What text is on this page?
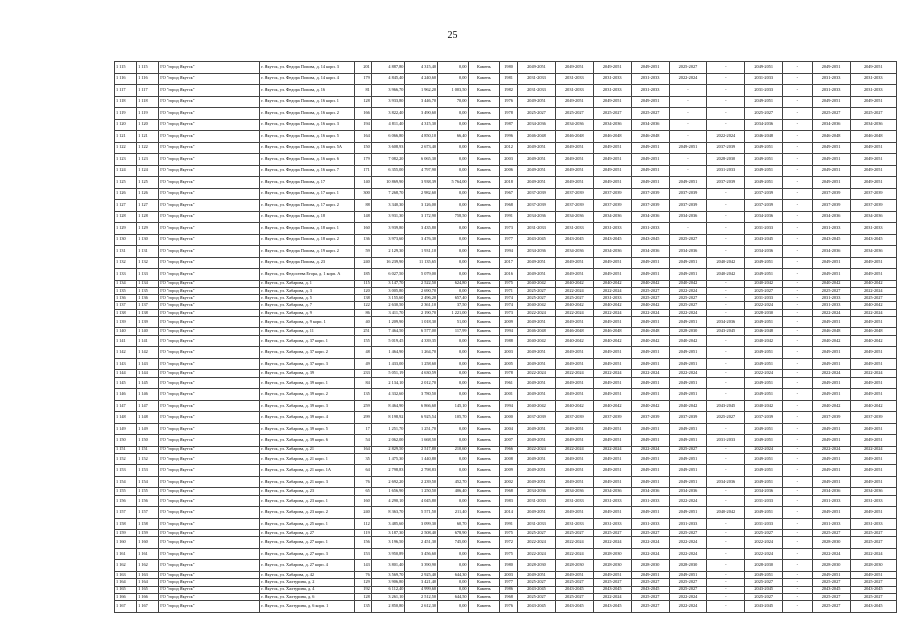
25
1 115	1 115	ГО "город Якутск"	г. Якутск, ул. Федора Попова, д. 14 корп. 3	201	4 887,80	4 315,40	0,00	Камень	1980	2049-2051	2049-2051	2049-2051	2049-2051	2025-2027	-	2049-2051	-	2049-2051	2049-2051
1 116	1 116	ГО "город Якутск"	г. Якутск, ул. Федора Попова, д. 14 корп. 4	179	4 845,40	4 240,60	0,00	Камень	1981	2031-2033	2031-2033	2031-2033	2031-2033	2022-2024	-	2031-2033	-	2031-2033	2031-2033
1 117	1 117	ГО "город Якутск"	г. Якутск, ул. Федора Попова, д. 16	81	3 966,70	1 962,20	1 003,50	Камень	1982	2031-2033	2031-2033	2031-2033	2031-2033	-	-	2031-2033	-	2031-2033	2031-2033
1 118	1 118	ГО "город Якутск"	г. Якутск, ул. Федора Попова, д. 16 корп. 1	128	3 933,80	3 446,70	70,00	Камень	1976	2049-2051	2049-2051	2049-2051	2049-2051	-	-	2049-2051	-	2049-2051	2049-2051
1 119	1 119	ГО "город Якутск"	г. Якутск, ул. Федора Попова, д. 16 корп. 2	166	3 822,40	3 490,60	0,00	Камень	1978	2025-2027	2025-2027	2025-2027	2025-2027	-	-	2025-2027	-	2025-2027	2025-2027
1 120	1 120	ГО "город Якутск"	г. Якутск, ул. Федора Попова, д. 16 корп. 3	194	4 811,40	4 315,30	0,00	Камень	1987	2034-2036	2034-2036	2034-2036	2034-2036	-	-	2034-2036	-	2034-2036	2034-2036
1 121	1 121	ГО "город Якутск"	г. Якутск, ул. Федора Попова, д. 16 корп. 5	164	6 066,80	4 850,10	66,40	Камень	1996	2046-2048	2046-2048	2046-2048	2046-2048	-	2022-2024	2046-2048	-	2046-2048	2046-2048
1 122	1 122	ГО "город Якутск"	г. Якутск, ул. Федора Попова, д. 16 корп. 5А	150	3 608,93	2 673,40	0,00	Камень	2012	2049-2051	2049-2051	2049-2051	2049-2051	2049-2051	2037-2039	2049-2051	-	2049-2051	2049-2051
1 123	1 123	ГО "город Якутск"	г. Якутск, ул. Федора Попова, д. 16 корп. 6	179	7 082,20	6 065,30	0,00	Камень	2003	2049-2051	2049-2051	2049-2051	2049-2051	-	2028-2030	2049-2051	-	2049-2051	2049-2051
1 124	1 124	ГО "город Якутск"	г. Якутск, ул. Федора Попова, д. 16 корп. 7	171	6 355,00	4 797,90	0,00	Камень	2006	2049-2051	2049-2051	2049-2051	2049-2051	-	2031-2033	2049-2051	-	2049-2051	2049-2051
1 125	1 125	ГО "город Якутск"	г. Якутск, ул. Федора Попова, д. 17	140	10 869,90	3 938,39	5 764,00	Камень	2018	2049-2051	2049-2051	2049-2051	2049-2051	2049-2051	2037-2039	2049-2051	-	2049-2051	2049-2051
1 126	1 126	ГО "город Якутск"	г. Якутск, ул. Федора Попова, д. 17 корп. 1	300	7 268,70	2 982,60	0,00	Камень	1967	2037-2039	2037-2039	2037-2039	2037-2039	2037-2039	-	2037-2039	-	2037-2039	2037-2039
1 127	1 127	ГО "город Якутск"	г. Якутск, ул. Федора Попова, д. 17 корп. 2	88	3 340,30	3 126,00	0,00	Камень	1968	2037-2039	2037-2039	2037-2039	2037-2039	2037-2039	-	2037-2039	-	2037-2039	2037-2039
1 128	1 128	ГО "город Якутск"	г. Якутск, ул. Федора Попова, д. 18	148	3 931,30	3 172,90	758,50	Камень	1991	2034-2036	2034-2036	2034-2036	2034-2036	2034-2036	-	2034-2036	-	2034-2036	2034-2036
1 129	1 129	ГО "город Якутск"	г. Якутск, ул. Федора Попова, д. 18 корп. 1	160	3 939,80	3 435,80	0,00	Камень	1973	2031-2033	2031-2033	2031-2033	2031-2033	-	-	2031-2033	-	2031-2033	2031-2033
1 130	1 130	ГО "город Якутск"	г. Якутск, ул. Федора Попова, д. 18 корп. 2	136	3 973,60	3 476,30	0,00	Камень	1977	2043-2045	2043-2045	2043-2045	2043-2045	2025-2027	-	2043-2045	-	2043-2045	2043-2045
1 131	1 131	ГО "город Якутск"	г. Якутск, ул. Федора Попова, д. 19 корп. 2	59	2 129,30	1 931,10	0,00	Камень	1994	2034-2036	2034-2036	2034-2036	2034-2036	2034-2036	-	2034-2036	-	2034-2036	2034-2036
1 132	1 132	ГО "город Якутск"	г. Якутск, ул. Федора Попова, д. 23	240	16 239,90	11 135,65	0,00	Камень	2017	2049-2051	2049-2051	2049-2051	2049-2051	2049-2051	2040-2042	2049-2051	-	2049-2051	2049-2051
1 133	1 133	ГО "город Якутск"	г. Якутск, ул. Федосеева Егора, д. 1 корп. А	185	6 027,50	5 079,00	0,00	Камень	2016	2049-2051	2049-2051	2049-2051	2049-2051	2049-2051	2040-2042	2049-2051	-	2049-2051	2049-2051
1 134	1 134	ГО "город Якутск"	г. Якутск, ул. Хабарова, д. 1	115	3 147,70	2 522,50	624,80	Камень	1975	2040-2042	2040-2042	2040-2042	2040-2042	2040-2042	-	2040-2042	-	2040-2042	2040-2042
1 135	1 135	ГО "город Якутск"	г. Якутск, ул. Хабарова, д. 3	120	3 005,80	2 690,70	0,00	Камень	1971	2025-2027	2022-2024	2022-2024	2025-2027	2022-2024	-	2025-2027	-	2025-2027	2022-2024
1 136	1 136	ГО "город Якутск"	г. Якутск, ул. Хабарова, д. 5	138	3 155,60	2 496,20	657,40	Камень	1974	2025-2027	2025-2027	2031-2033	2025-2027	2025-2027	-	2031-2033	-	2031-2033	2025-2027
1 137	1 137	ГО "город Якутск"	г. Якутск, ул. Хабарова, д. 7	122	2 630,50	2 361,10	37,50	Камень	1974	2040-2042	2040-2042	2040-2042	2040-2042	2025-2027	-	2022-2024	-	2031-2033	2040-2042
1 138	1 138	ГО "город Якутск"	г. Якутск, ул. Хабарова, д. 9	86	3 411,70	2 190,70	1 221,00	Камень	1973	2022-2024	2022-2024	2022-2024	2022-2024	2022-2024	-	2028-2030	-	2022-2024	2022-2024
1 139	1 139	ГО "город Якутск"	г. Якутск, ул. Хабарова, д. 9 корп. 1	40	1 209,90	1 018,30	51,00	Камень	2009	2049-2051	2049-2051	2049-2051	2049-2051	2049-2051	2034-2036	2049-2051	-	2049-2051	2049-2051
1 140	1 140	ГО "город Якутск"	г. Якутск, ул. Хабарова, д. 11	251	7 464,50	6 577,00	117,99	Камень	1994	2046-2048	2046-2048	2046-2048	2046-2048	2028-2030	2043-2045	2046-2048	-	2046-2048	2046-2048
1 141	1 141	ГО "город Якутск"	г. Якутск, ул. Хабарова, д. 37 корп. 1	155	5 019,45	4 339,35	0,00	Камень	1988	2040-2042	2040-2042	2040-2042	2040-2042	2040-2042	-	2040-2042	-	2040-2042	2040-2042
1 142	1 142	ГО "город Якутск"	г. Якутск, ул. Хабарова, д. 37 корп. 2	48	1 464,90	1 264,70	0,00	Камень	2003	2049-2051	2049-2051	2049-2051	2049-2051	2049-2051	-	2049-2051	-	2049-2051	2049-2051
1 143	1 143	ГО "город Якутск"	г. Якутск, ул. Хабарова, д. 37 корп. 3	49	1 433,00	1 258,60	0,00	Камень	2005	2049-2051	2049-2051	2049-2051	2049-2051	2049-2051	-	2049-2051	-	2049-2051	2049-2051
1 144	1 144	ГО "город Якутск"	г. Якутск, ул. Хабарова, д. 39	233	5 051,19	4 630,59	0,00	Камень	1978	2022-2024	2022-2024	2022-2024	2022-2024	2022-2024	-	2022-2024	-	2022-2024	2022-2024
1 145	1 145	ГО "город Якутск"	г. Якутск, ул. Хабарова, д. 39 корп. 1	84	2 134,10	2 012,70	0,00	Камень	1961	2049-2051	2049-2051	2049-2051	2049-2051	2049-2051	-	2049-2051	-	2049-2051	2049-2051
1 146	1 146	ГО "город Якутск"	г. Якутск, ул. Хабарова, д. 39 корп. 2	135	4 332,60	3 780,50	0,00	Камень	2001	2049-2051	2049-2051	2049-2051	2049-2051	2049-2051	-	2049-2051	-	2049-2051	2049-2051
1 147	1 147	ГО "город Якутск"	г. Якутск, ул. Хабарова, д. 39 корп. 3	259	8 464,90	6 866,60	145,10	Камень	1994	2040-2042	2040-2042	2040-2042	2040-2042	2040-2042	2043-2045	2040-2042	-	2040-2042	2040-2042
1 148	1 148	ГО "город Якутск"	г. Якутск, ул. Хабарова, д. 39 корп. 4	299	8 198,92	6 925,54	105,70	Камень	2000	2037-2039	2037-2039	2037-2039	2037-2039	2037-2039	2025-2027	2037-2039	-	2037-2039	2037-2039
1 149	1 149	ГО "город Якутск"	г. Якутск, ул. Хабарова, д. 39 корп. 5	17	1 251,70	1 251,70	0,00	Камень	2004	2049-2051	2049-2051	2049-2051	2049-2051	2049-2051	-	2049-2051	-	2049-2051	2049-2051
1 150	1 150	ГО "город Якутск"	г. Якутск, ул. Хабарова, д. 39 корп. 6	54	2 062,00	1 668,50	0,00	Камень	2007	2049-2051	2049-2051	2049-2051	2049-2051	2049-2051	2031-2033	2049-2051	-	2049-2051	2049-2051
1 151	1 151	ГО "город Якутск"	г. Якутск, ул. Хабарова, д. 21	164	2 829,50	2 517,80	210,60	Камень	1966	2022-2024	2022-2024	2022-2024	2022-2024	2025-2027	-	2022-2024	-	2022-2024	2022-2024
1 152	1 152	ГО "город Якутск"	г. Якутск, ул. Хабарова, д. 21 корп. 1	35	1 475,30	1 440,80	0,00	Камень	2008	2049-2051	2049-2051	2049-2051	2049-2051	2049-2051	-	2049-2051	-	2049-2051	2049-2051
1 153	1 153	ГО "город Якутск"	г. Якутск, ул. Хабарова, д. 21 корп. 1А	64	2 798,83	2 798,83	0,00	Камень	2009	2049-2051	2049-2051	2049-2051	2049-2051	2049-2051	-	2049-2051	-	2049-2051	2049-2051
1 154	1 154	ГО "город Якутск"	г. Якутск, ул. Хабарова, д. 21 корп. 3	76	2 692,20	2 239,50	452,70	Камень	2002	2049-2051	2049-2051	2049-2051	2049-2051	2049-2051	2034-2036	2049-2051	-	2049-2051	2049-2051
1 155	1 155	ГО "город Якутск"	г. Якутск, ул. Хабарова, д. 23	65	1 656,90	1 250,50	406,40	Камень	1968	2034-2036	2034-2036	2034-2036	2034-2036	2034-2036	-	2034-2036	-	2034-2036	2034-2036
1 156	1 156	ГО "город Якутск"	г. Якутск, ул. Хабарова, д. 23 корп. 1	160	4 290,10	4 045,80	0,00	Камень	1983	2031-2033	2031-2033	2031-2033	2031-2033	2022-2024	-	2031-2033	-	2031-2033	2031-2033
1 157	1 157	ГО "город Якутск"	г. Якутск, ул. Хабарова, д. 23 корп. 2	240	8 363,70	5 571,50	211,40	Камень	2014	2049-2051	2049-2051	2049-2051	2049-2051	2049-2051	2040-2042	2049-2051	-	2049-2051	2049-2051
1 158	1 158	ГО "город Якутск"	г. Якутск, ул. Хабарова, д. 25 корп. 1	112	3 485,60	3 099,30	60,70	Камень	1991	2031-2033	2031-2033	2031-2033	2031-2033	2031-2033	-	2031-2033	-	2031-2033	2031-2033
1 159	1 159	ГО "город Якутск"	г. Якутск, ул. Хабарова, д. 27	119	3 187,30	2 508,40	678,90	Камень	1975	2025-2027	2025-2027	2025-2027	2025-2027	2025-2027	-	2025-2027	-	2025-2027	2025-2027
1 160	1 160	ГО "город Якутск"	г. Якутск, ул. Хабарова, д. 27 корп. 1	156	3 196,50	2 451,30	745,00	Камень	1972	2022-2024	2022-2024	2022-2024	2022-2024	2022-2024	-	2022-2024	-	2028-2030	2025-2027
1 161	1 161	ГО "город Якутск"	г. Якутск, ул. Хабарова, д. 27 корп. 3	153	3 950,89	3 456,60	0,00	Камень	1975	2022-2024	2022-2024	2028-2030	2022-2024	2022-2024	-	2022-2024	-	2022-2024	2022-2024
1 162	1 162	ГО "город Якутск"	г. Якутск, ул. Хабарова, д. 27 корп. 4	143	3 801,40	3 390,90	0,00	Камень	1980	2028-2030	2028-2030	2028-2030	2028-2030	2028-2030	-	2028-2030	-	2028-2030	2028-2030
1 163	1 163	ГО "город Якутск"	г. Якутск, ул. Хабарова, д. 42	76	3 569,70	2 925,40	644,30	Камень	2003	2049-2051	2049-2051	2049-2051	2049-2051	2049-2051	-	2049-2051	-	2049-2051	2049-2051
1 164	1 164	ГО "город Якутск"	г. Якутск, ул. Халтурина, д. 2	129	3 906,80	3 421,40	0,00	Камень	1977	2025-2027	2025-2027	2025-2027	2025-2027	2025-2027	-	2025-2027	-	2025-2027	2025-2027
1 165	1 165	ГО "город Якутск"	г. Якутск, ул. Халтурина, д. 4	192	6 112,40	4 999,60	0,00	Камень	1986	2043-2045	2043-2045	2043-2045	2043-2045	2025-2027	-	2043-2045	-	2043-2045	2043-2045
1 166	1 166	ГО "город Якутск"	г. Якутск, ул. Халтурина, д. 6	128	3 261,10	2 512,50	644,50	Камень	1968	2025-2027	2025-2027	2022-2024	2025-2027	2022-2024	-	2025-2027	-	2025-2027	2025-2027
1 167	1 167	ГО "город Якутск"	г. Якутск, ул. Халтурина, д. 6 корп. 1	135	2 850,80	2 612,30	0,00	Камень	1976	2043-2045	2043-2045	2043-2045	2025-2027	2022-2024	-	2043-2045	-	2025-2027	2043-2045
